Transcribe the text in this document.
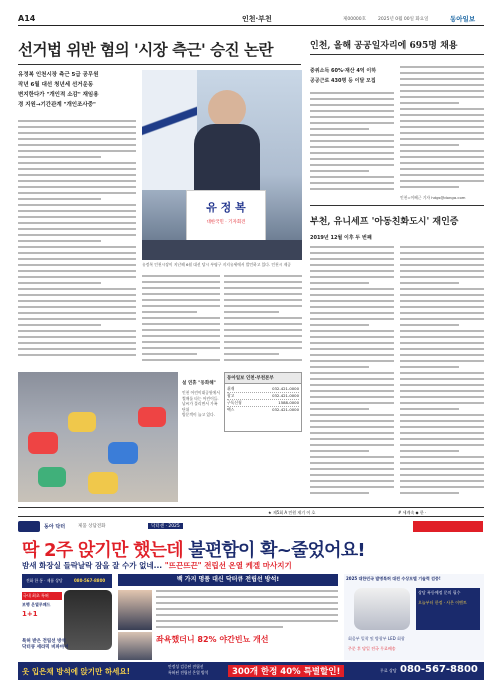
A14	인천·부천	제00000호	2025년 0월 00일 화요일	동아일보
선거법 위반 혐의 '시장 측근' 승진 논란
유정복 인천시장 측근 5급 공무원
작년 6월 대선 청년세 선거운동
변지한다가 "개인적 소감" 재임용
경 지원→기간관계 "개인조사중"
유 정 복
대한국민 · 기자회견
유정복 인천시장이 지난해 6월 대선 당시 부평구 지지유세에서 발언하고 있다. 인천시 제공
동아일보 인천·부천본부
취재	032-421-0000
광고	032-421-0000
구독신청	1588-0000
팩스	032-421-0000
설 연휴 "동화해"
인천 어린이대공원에서
썰매를 타는 어린이들.
날씨가 풀리면서 가족 단위
방문객이 늘고 있다.
인천, 올해 공공일자리에 695명 채용
중위소득 60%·재산 4억 이하
공공근로 430명 등 이달 모집
인천=이혜근 기자 hdgs@donga.com
부천, 유니세프 '아동친화도시' 재인증
2019년 12월 이후 두 번째
★ 제5회 A 민원 제기 이 호	# 세계속 ◆ 한 ·
동아 닥터	제품 상담전화	닥터센 · 2025
딱 2주 앉기만 했는데 불편함이 확~줄었어요!
밤새 화장실 들락날락 잠을 잘 수가 없네... "뜨끈뜨끈" 전립선 온열 케겔 마사지기
전화 한 통 · 제품 상담	080-567-8800
국내 최초 특허
보행 온열무패드
1+1
특허 받은 전립선 방석
닥터큐 세라믹 비파마어
백 가지 명품 대신 닥터큐 전립선 방석!
좌욕했더니 82% 야간빈뇨 개선
2025 대한민국 발명특허 대전 수상모델 기술력 검증!
상담 폭등예정 문의 필수
오늘부터 한정 · 사은 이벤트
회음부 밀착 및 방광부 LED 회광
주문 후 당일 전국 무료배송
옷 입은채 방석에 앉기만 하세요!
안정성 검증된 전립선
특허된 전립선 온열 방석	300개 한정 40% 특별할인!	무료 상담 080-567-8800
